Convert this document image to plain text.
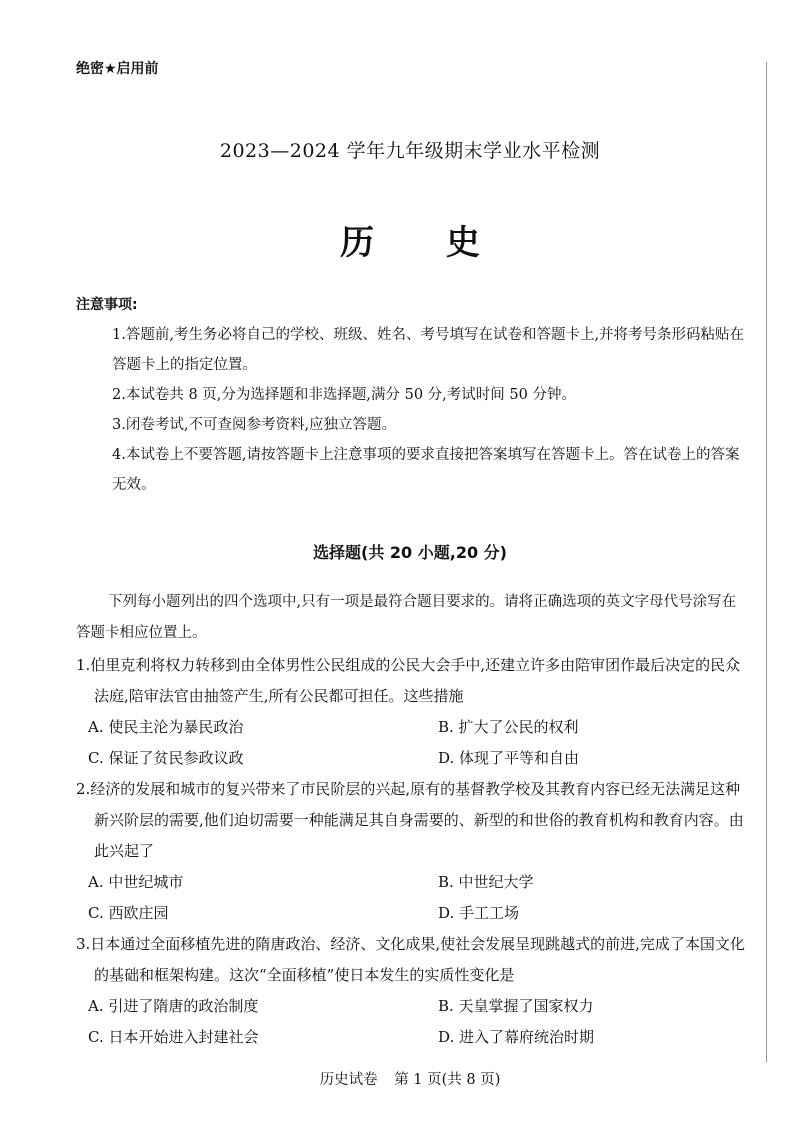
绝密★启用前
2023—2024 学年九年级期末学业水平检测
历 史
注意事项:

1.答题前,考生务必将自己的学校、班级、姓名、考号填写在试卷和答题卡上,并将考号条形码粘贴在答题卡上的指定位置。

2.本试卷共 8 页,分为选择题和非选择题,满分 50 分,考试时间 50 分钟。

3.闭卷考试,不可查阅参考资料,应独立答题。

4.本试卷上不要答题,请按答题卡上注意事项的要求直接把答案填写在答题卡上。答在试卷上的答案无效。

选择题(共 20 小题,20 分)
下列每小题列出的四个选项中,只有一项是最符合题目要求的。请将正确选项的英文字母代号涂写在答题卡相应位置上。
1.伯里克利将权力转移到由全体男性公民组成的公民大会手中,还建立许多由陪审团作最后决定的民众法庭,陪审法官由抽签产生,所有公民都可担任。这些措施
A. 使民主沦为暴民政治	B. 扩大了公民的权利
C. 保证了贫民参政议政	D. 体现了平等和自由
2.经济的发展和城市的复兴带来了市民阶层的兴起,原有的基督教学校及其教育内容已经无法满足这种新兴阶层的需要,他们迫切需要一种能满足其自身需要的、新型的和世俗的教育机构和教育内容。由此兴起了
A. 中世纪城市	B. 中世纪大学
C. 西欧庄园	D. 手工工场
3.日本通过全面移植先进的隋唐政治、经济、文化成果,使社会发展呈现跳越式的前进,完成了本国文化的基础和框架构建。这次“全面移植”使日本发生的实质性变化是
A. 引进了隋唐的政治制度	B. 天皇掌握了国家权力
C. 日本开始进入封建社会	D. 进入了幕府统治时期
历史试卷 第 1 页(共 8 页)
